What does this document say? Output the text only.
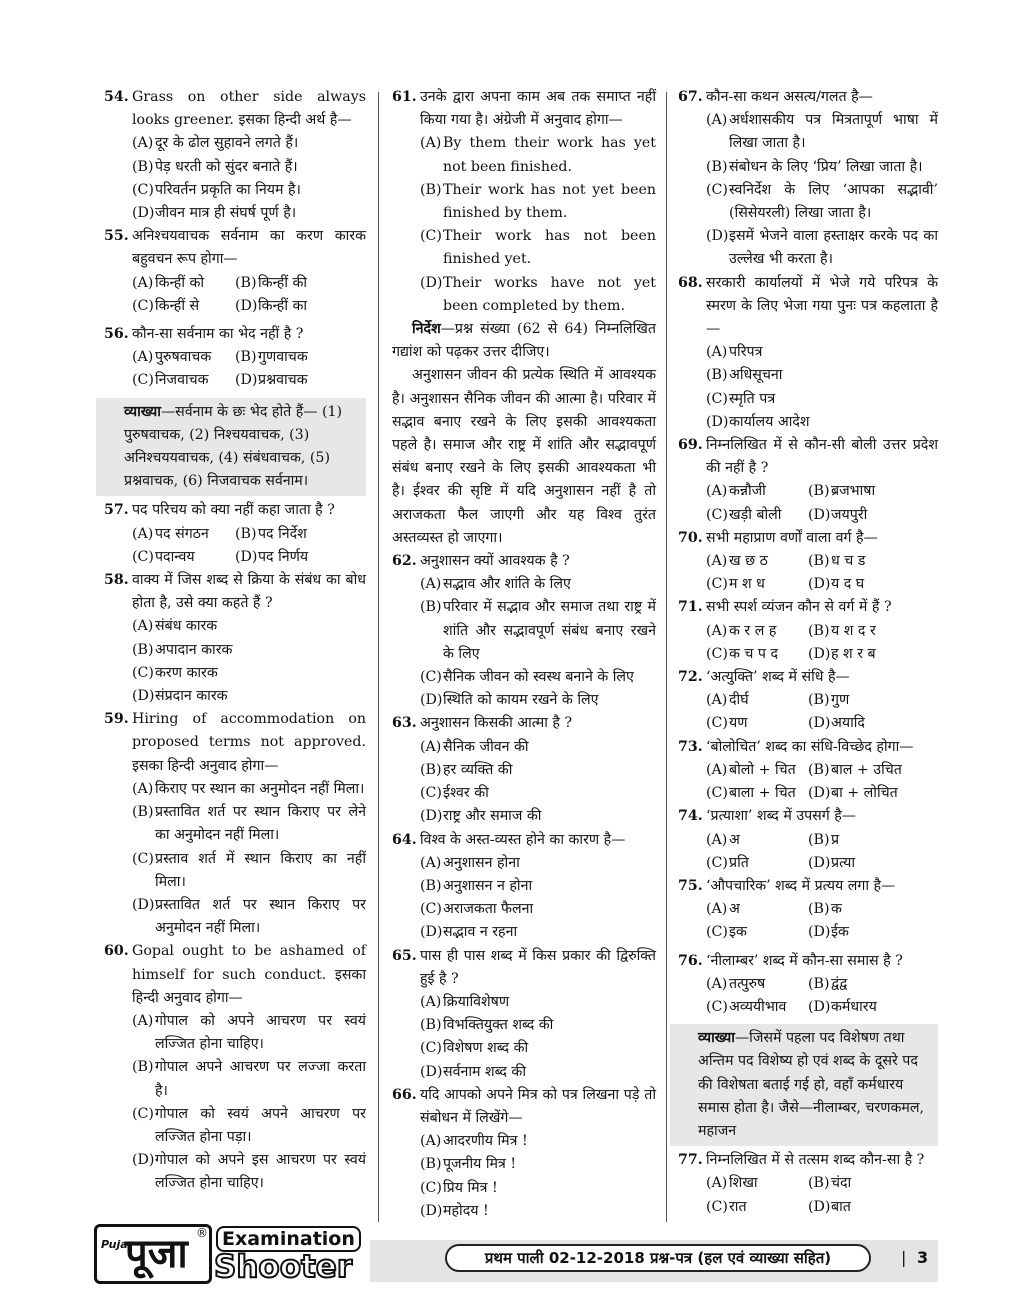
54. Grass on other side always looks greener. इसका हिन्दी अर्थ है—
(A) दूर के ढोल सुहावने लगते हैं।
(B) पेड़ धरती को सुंदर बनाते हैं।
(C) परिवर्तन प्रकृति का नियम है।
(D) जीवन मात्र ही संघर्ष पूर्ण है।
55. अनिश्चयवाचक सर्वनाम का करण कारक बहुवचन रूप होगा—
(A) किन्हीं को	(B) किन्हीं की
(C) किन्हीं से	(D) किन्हीं का
56. कौन-सा सर्वनाम का भेद नहीं है ?
(A) पुरुषवाचक	(B) गुणवाचक
(C) निजवाचक	(D) प्रश्नवाचक
व्याख्या—सर्वनाम के छः भेद होते हैं— (1) पुरुषवाचक, (2) निश्चयवाचक, (3) अनिश्चययवाचक, (4) संबंधवाचक, (5) प्रश्नवाचक, (6) निजवाचक सर्वनाम।
57. पद परिचय को क्या नहीं कहा जाता है ?
(A) पद संगठन	(B) पद निर्देश
(C) पदान्वय	(D) पद निर्णय
58. वाक्य में जिस शब्द से क्रिया के संबंध का बोध होता है, उसे क्या कहते हैं ?
(A) संबंध कारक
(B) अपादान कारक
(C) करण कारक
(D) संप्रदान कारक
59. Hiring of accommodation on proposed terms not approved. इसका हिन्दी अनुवाद होगा—
(A) किराए पर स्थान का अनुमोदन नहीं मिला।
(B) प्रस्तावित शर्त पर स्थान किराए पर लेने का अनुमोदन नहीं मिला।
(C) प्रस्ताव शर्त में स्थान किराए का नहीं मिला।
(D) प्रस्तावित शर्त पर स्थान किराए पर अनुमोदन नहीं मिला।
60. Gopal ought to be ashamed of himself for such conduct. इसका हिन्दी अनुवाद होगा—
(A) गोपाल को अपने आचरण पर स्वयं लज्जित होना चाहिए।
(B) गोपाल अपने आचरण पर लज्जा करता है।
(C) गोपाल को स्वयं अपने आचरण पर लज्जित होना पड़ा।
(D) गोपाल को अपने इस आचरण पर स्वयं लज्जित होना चाहिए।
61. उनके द्वारा अपना काम अब तक समाप्त नहीं किया गया है। अंग्रेजी में अनुवाद होगा—
(A) By them their work has yet not been finished.
(B) Their work has not yet been finished by them.
(C) Their work has not been finished yet.
(D) Their works have not yet been completed by them.
निर्देश—प्रश्न संख्या (62 से 64) निम्नलिखित गद्यांश को पढ़कर उत्तर दीजिए।
अनुशासन जीवन की प्रत्येक स्थिति में आवश्यक है। अनुशासन सैनिक जीवन की आत्मा है। परिवार में सद्भाव बनाए रखने के लिए इसकी आवश्यकता पहले है। समाज और राष्ट्र में शांति और सद्भावपूर्ण संबंध बनाए रखने के लिए इसकी आवश्यकता भी है। ईश्वर की सृष्टि में यदि अनुशासन नहीं है तो अराजकता फैल जाएगी और यह विश्व तुरंत अस्तव्यस्त हो जाएगा।
62. अनुशासन क्यों आवश्यक है ?
(A) सद्भाव और शांति के लिए
(B) परिवार में सद्भाव और समाज तथा राष्ट्र में शांति और सद्भावपूर्ण संबंध बनाए रखने के लिए
(C) सैनिक जीवन को स्वस्थ बनाने के लिए
(D) स्थिति को कायम रखने के लिए
63. अनुशासन किसकी आत्मा है ?
(A) सैनिक जीवन की
(B) हर व्यक्ति की
(C) ईश्वर की
(D) राष्ट्र और समाज की
64. विश्व के अस्त-व्यस्त होने का कारण है—
(A) अनुशासन होना
(B) अनुशासन न होना
(C) अराजकता फैलना
(D) सद्भाव न रहना
65. पास ही पास शब्द में किस प्रकार की द्विरुक्ति हुई है ?
(A) क्रियाविशेषण
(B) विभक्तियुक्त शब्द की
(C) विशेषण शब्द की
(D) सर्वनाम शब्द की
66. यदि आपको अपने मित्र को पत्र लिखना पड़े तो संबोधन में लिखेंगे—
(A) आदरणीय मित्र !
(B) पूजनीय मित्र !
(C) प्रिय मित्र !
(D) महोदय !
67. कौन-सा कथन असत्य/गलत है—
(A) अर्धशासकीय पत्र मित्रतापूर्ण भाषा में लिखा जाता है।
(B) संबोधन के लिए ‘प्रिय’ लिखा जाता है।
(C) स्वनिर्देश के लिए ‘आपका सद्भावी’ (सिसेयरली) लिखा जाता है।
(D) इसमें भेजने वाला हस्ताक्षर करके पद का उल्लेख भी करता है।
68. सरकारी कार्यालयों में भेजे गये परिपत्र के स्मरण के लिए भेजा गया पुनः पत्र कहलाता है—
(A) परिपत्र
(B) अधिसूचना
(C) स्मृति पत्र
(D) कार्यालय आदेश
69. निम्नलिखित में से कौन-सी बोली उत्तर प्रदेश की नहीं है ?
(A) कन्नौजी	(B) ब्रजभाषा
(C) खड़ी बोली	(D) जयपुरी
70. सभी महाप्राण वर्णों वाला वर्ग है—
(A) ख छ ठ	(B) ध च ड
(C) म श ध	(D) य द घ
71. सभी स्पर्श व्यंजन कौन से वर्ग में हैं ?
(A) क र ल ह	(B) य श द र
(C) क च प द	(D) ह श र ब
72. ‘अत्युक्ति’ शब्द में संधि है—
(A) दीर्घ	(B) गुण
(C) यण	(D) अयादि
73. ‘बोलोचित’ शब्द का संधि-विच्छेद होगा—
(A) बोलो + चित (B) बाल + उचित
(C) बाला + चित (D) बा + लोचित
74. ‘प्रत्याशा’ शब्द में उपसर्ग है—
(A) अ	(B) प्र
(C) प्रति	(D) प्रत्या
75. ‘औपचारिक’ शब्द में प्रत्यय लगा है—
(A) अ	(B) क
(C) इक	(D) ईक
76. ‘नीलाम्बर’ शब्द में कौन-सा समास है ?
(A) तत्पुरुष	(B) द्वंद्व
(C) अव्ययीभाव	(D) कर्मधारय
व्याख्या—जिसमें पहला पद विशेषण तथा अन्तिम पद विशेष्य हो एवं शब्द के दूसरे पद की विशेषता बताई गई हो, वहाँ कर्मधारय समास होता है। जैसे—नीलाम्बर, चरणकमल, महाजन
77. निम्नलिखित में से तत्सम शब्द कौन-सा है ?
(A) शिखा	(B) चंदा
(C) रात	(D) बात
Puja
पूजा ® Examination
Shooter	प्रथम पाली 02-12-2018 प्रश्न-पत्र (हल एवं व्याख्या सहित)	| 3
